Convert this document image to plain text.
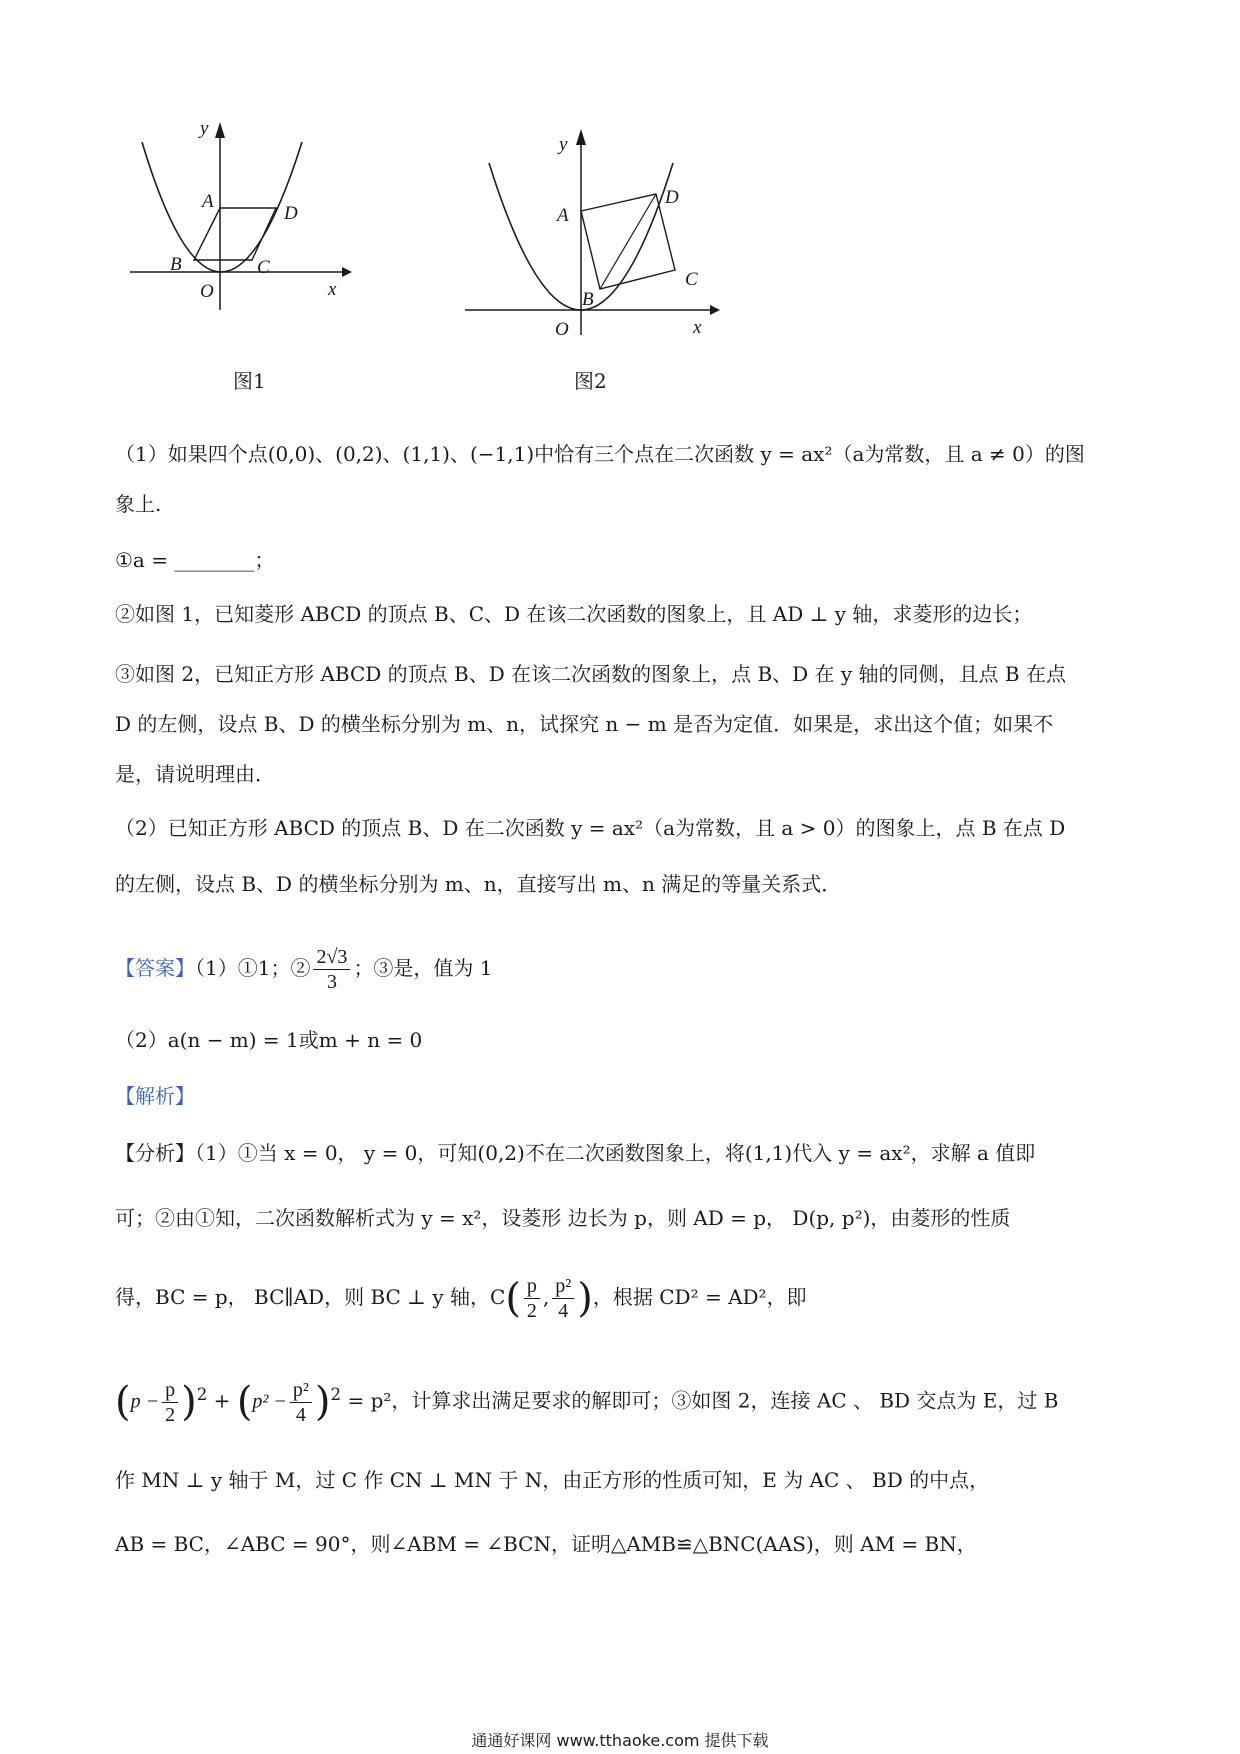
y
x
O
A
B	C
D
图1
y
x
O
A
B
C
D
图2
（1）如果四个点(0,0)、(0,2)、(1,1)、(−1,1)中恰有三个点在二次函数 y = ax²（a为常数，且 a ≠ 0）的图
象上.
①a = ________；
②如图 1，已知菱形 ABCD 的顶点 B、C、D 在该二次函数的图象上，且 AD ⊥ y 轴，求菱形的边长；
③如图 2，已知正方形 ABCD 的顶点 B、D 在该二次函数的图象上，点 B、D 在 y 轴的同侧，且点 B 在点
D 的左侧，设点 B、D 的横坐标分别为 m、n，试探究 n − m 是否为定值．如果是，求出这个值；如果不
是，请说明理由．
（2）已知正方形 ABCD 的顶点 B、D 在二次函数 y = ax²（a为常数，且 a > 0）的图象上，点 B 在点 D
的左侧，设点 B、D 的横坐标分别为 m、n，直接写出 m、n 满足的等量关系式．
【答案】（1）①1；② $\frac{2√3}{3}$ ；③是，值为 1
（2）a(n − m) = 1或m + n = 0
【解析】
【分析】（1）①当 x = 0， y = 0，可知(0,2)不在二次函数图象上，将(1,1)代入 y = ax²，求解 a 值即
可；②由①知，二次函数解析式为 y = x²，设菱形 边长为 p，则 AD = p， D(p, p²)，由菱形的性质
得，BC = p， BC∥AD，则 BC ⊥ y 轴，$C( \frac{p}{2}$ , $\frac{\text{p²}}{4}$ )，根据 CD² = AD²，即
$(p - \frac{p}{2} )^2 + (p^2 - \frac{\text{p²}}{4} )^2 = p^2$，计算求出满足要求的解即可；③如图 2，连接 AC 、 BD 交点为 E，过 B
作 MN ⊥ y 轴于 M，过 C 作 CN ⊥ MN 于 N，由正方形的性质可知，E 为 AC 、 BD 的中点，
AB = BC，∠ABC = 90°，则∠ABM = ∠BCN，证明△AMB≌△BNC(AAS)，则 AM = BN，
通通好课网 www.tthaoke.com 提供下载
